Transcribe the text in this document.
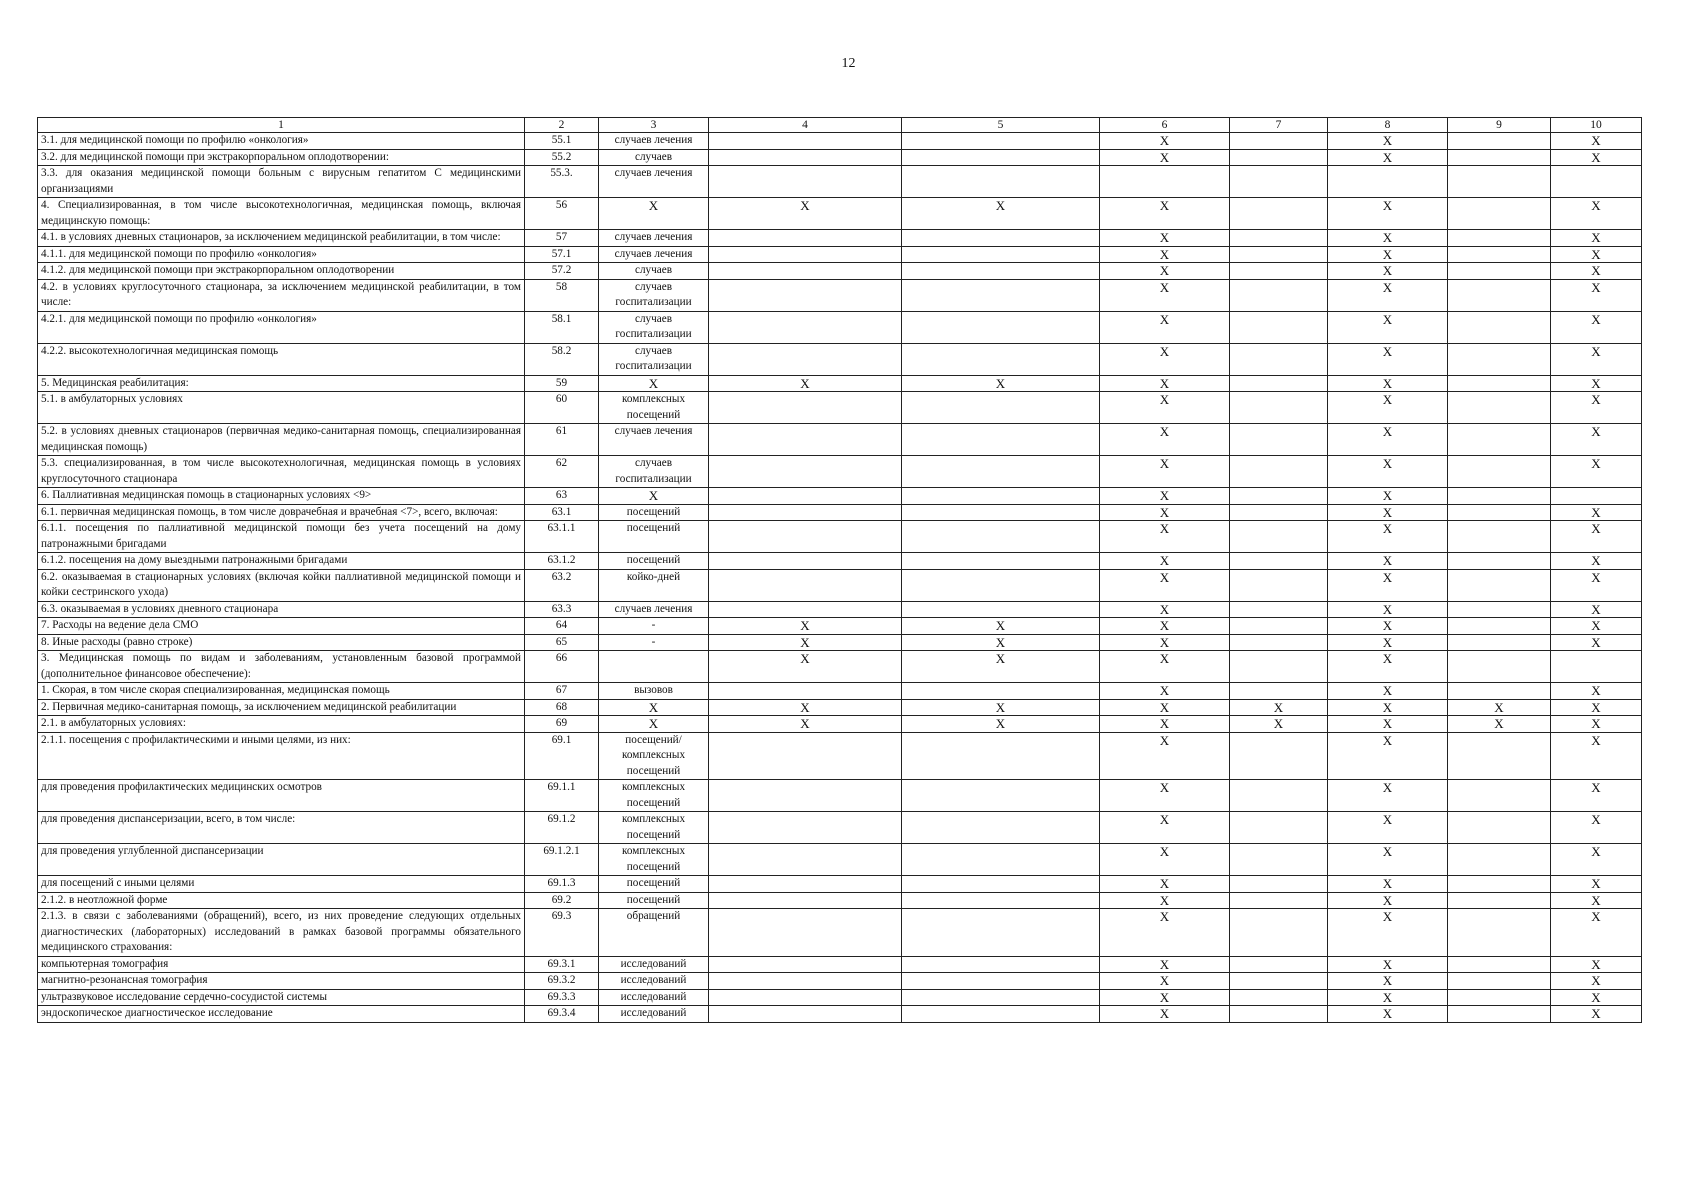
12
1	2	3	4	5	6	7	8	9	10
3.1. для медицинской помощи по профилю «онкология»	55.1	случаев лечения			X		X		X
3.2. для медицинской помощи при экстракорпоральном оплодотворении:	55.2	случаев			X		X		X
3.3. для оказания медицинской помощи больным с вирусным гепатитом С медицинскими организациями	55.3.	случаев лечения							
4. Специализированная, в том числе высокотехнологичная, медицинская помощь, включая медицинскую помощь:	56	X	X	X	X		X		X
4.1. в условиях дневных стационаров, за исключением медицинской реабилитации, в том числе:	57	случаев лечения			X		X		X
4.1.1. для медицинской помощи по профилю «онкология»	57.1	случаев лечения			X		X		X
4.1.2. для медицинской помощи при экстракорпоральном оплодотворении	57.2	случаев			X		X		X
4.2. в условиях круглосуточного стационара, за исключением медицинской реабилитации, в том числе:	58	случаев госпитализации			X		X		X
4.2.1. для медицинской помощи по профилю «онкология»	58.1	случаев госпитализации			X		X		X
4.2.2. высокотехнологичная медицинская помощь	58.2	случаев госпитализации			X		X		X
5. Медицинская реабилитация:	59	X	X	X	X		X		X
5.1. в амбулаторных условиях	60	комплексных посещений			X		X		X
5.2. в условиях дневных стационаров (первичная медико-санитарная помощь, специализированная медицинская помощь)	61	случаев лечения			X		X		X
5.3. специализированная, в том числе высокотехнологичная, медицинская помощь в условиях круглосуточного стационара	62	случаев госпитализации			X		X		X
6. Паллиативная медицинская помощь в стационарных условиях <9>	63	X			X		X		
6.1. первичная медицинская помощь, в том числе доврачебная и врачебная <7>, всего, включая:	63.1	посещений			X		X		X
6.1.1. посещения по паллиативной медицинской помощи без учета посещений на дому патронажными бригадами	63.1.1	посещений			X		X		X
6.1.2. посещения на дому выездными патронажными бригадами	63.1.2	посещений			X		X		X
6.2. оказываемая в стационарных условиях (включая койки паллиативной медицинской помощи и койки сестринского ухода)	63.2	койко-дней			X		X		X
6.3. оказываемая в условиях дневного стационара	63.3	случаев лечения			X		X		X
7. Расходы на ведение дела СМО	64	-	X	X	X		X		X
8. Иные расходы (равно строке)	65	-	X	X	X		X		X
3. Медицинская помощь по видам и заболеваниям, установленным базовой программой (дополнительное финансовое обеспечение):	66		X	X	X		X		
1. Скорая, в том числе скорая специализированная, медицинская помощь	67	вызовов			X		X		X
2. Первичная медико-санитарная помощь, за исключением медицинской реабилитации	68	X	X	X	X	X	X	X	X
2.1. в амбулаторных условиях:	69	X	X	X	X	X	X	X	X
2.1.1. посещения с профилактическими и иными целями, из них:	69.1	посещений/ комплексных посещений			X		X		X
для проведения профилактических медицинских осмотров	69.1.1	комплексных посещений			X		X		X
для проведения диспансеризации, всего, в том числе:	69.1.2	комплексных посещений			X		X		X
для проведения углубленной диспансеризации	69.1.2.1	комплексных посещений			X		X		X
для посещений с иными целями	69.1.3	посещений			X		X		X
2.1.2. в неотложной форме	69.2	посещений			X		X		X
2.1.3. в связи с заболеваниями (обращений), всего, из них проведение следующих отдельных диагностических (лабораторных) исследований в рамках базовой программы обязательного медицинского страхования:	69.3	обращений			X		X		X
компьютерная томография	69.3.1	исследований			X		X		X
магнитно-резонансная томография	69.3.2	исследований			X		X		X
ультразвуковое исследование сердечно-сосудистой системы	69.3.3	исследований			X		X		X
эндоскопическое диагностическое исследование	69.3.4	исследований			X		X		X
